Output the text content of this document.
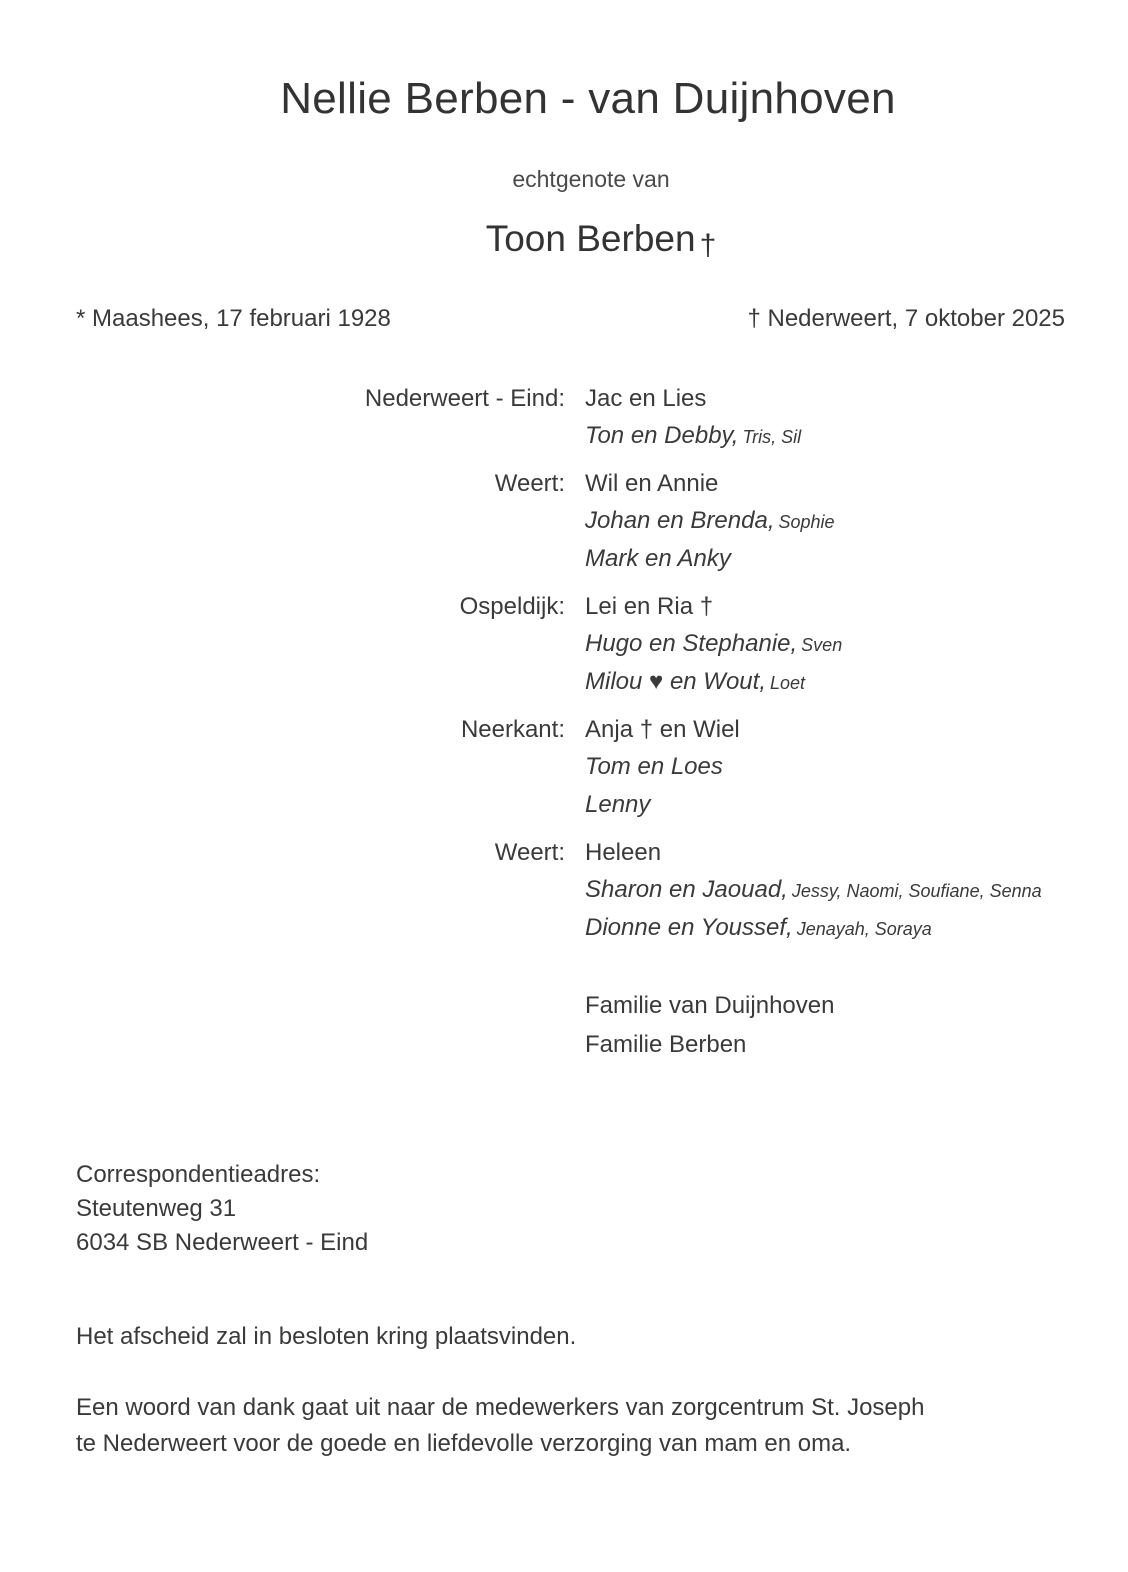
Nellie Berben - van Duijnhoven
echtgenote van
Toon Berben †
* Maashees, 17 februari 1928	† Nederweert, 7 oktober 2025
Nederweert - Eind: Jac en Lies
Ton en Debby, Tris, Sil
Weert: Wil en Annie
Johan en Brenda, Sophie
Mark en Anky
Ospeldijk: Lei en Ria †
Hugo en Stephanie, Sven
Milou ♥ en Wout, Loet
Neerkant: Anja † en Wiel
Tom en Loes
Lenny
Weert: Heleen
Sharon en Jaouad, Jessy, Naomi, Soufiane, Senna
Dionne en Youssef, Jenayah, Soraya
Familie van Duijnhoven
Familie Berben
Correspondentieadres:
Steutenweg 31
6034 SB Nederweert - Eind
Het afscheid zal in besloten kring plaatsvinden.
Een woord van dank gaat uit naar de medewerkers van zorgcentrum St. Joseph
te Nederweert voor de goede en liefdevolle verzorging van mam en oma.
